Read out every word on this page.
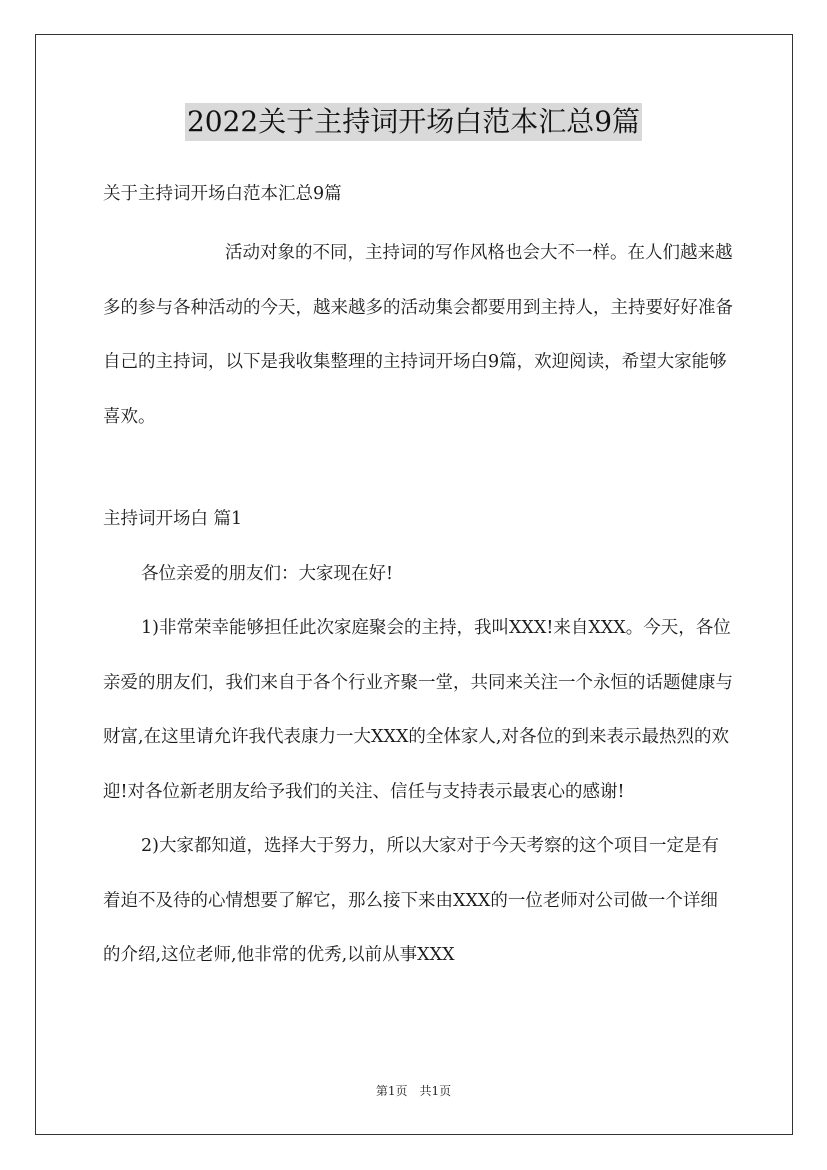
2022关于主持词开场白范本汇总9篇

关于主持词开场白范本汇总9篇

活动对象的不同，主持词的写作风格也会大不一样。在人们越来越多的参与各种活动的今天，越来越多的活动集会都要用到主持人，主持要好好准备自己的主持词，以下是我收集整理的主持词开场白9篇，欢迎阅读，希望大家能够喜欢。

主持词开场白 篇1

各位亲爱的朋友们：大家现在好!

1)非常荣幸能够担任此次家庭聚会的主持，我叫XXX!来自XXX。今天，各位亲爱的朋友们，我们来自于各个行业齐聚一堂，共同来关注一个永恒的话题健康与财富,在这里请允许我代表康力一大XXX的全体家人,对各位的到来表示最热烈的欢迎!对各位新老朋友给予我们的关注、信任与支持表示最衷心的感谢!

2)大家都知道，选择大于努力，所以大家对于今天考察的这个项目一定是有着迫不及待的心情想要了解它，那么接下来由XXX的一位老师对公司做一个详细的介绍,这位老师,他非常的优秀,以前从事XXX

第1页 共1页
